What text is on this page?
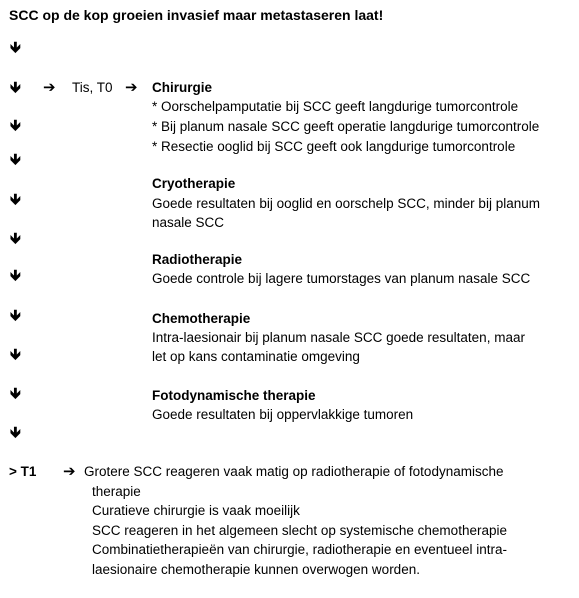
SCC op de kop groeien invasief maar metastaseren laat!
🡻
🡻
🡻
🡻
🡻
🡻
🡻
🡻
🡻
🡻
🡻
➔ Tis, T0 ➔ Chirurgie
* Oorschelpamputatie bij SCC geeft langdurige tumorcontrole
* Bij planum nasale SCC geeft operatie langdurige tumorcontrole
* Resectie ooglid bij SCC geeft ook langdurige tumorcontrole
Cryotherapie
Goede resultaten bij ooglid en oorschelp SCC, minder bij planum
nasale SCC
Radiotherapie
Goede controle bij lagere tumorstages van planum nasale SCC
Chemotherapie
Intra-laesionair bij planum nasale SCC goede resultaten, maar
let op kans contaminatie omgeving
Fotodynamische therapie
Goede resultaten bij oppervlakkige tumoren
> T1 ➔ Grotere SCC reageren vaak matig op radiotherapie of fotodynamische
therapie
Curatieve chirurgie is vaak moeilijk
SCC reageren in het algemeen slecht op systemische chemotherapie
Combinatietherapieën van chirurgie, radiotherapie en eventueel intra-
laesionaire chemotherapie kunnen overwogen worden.
